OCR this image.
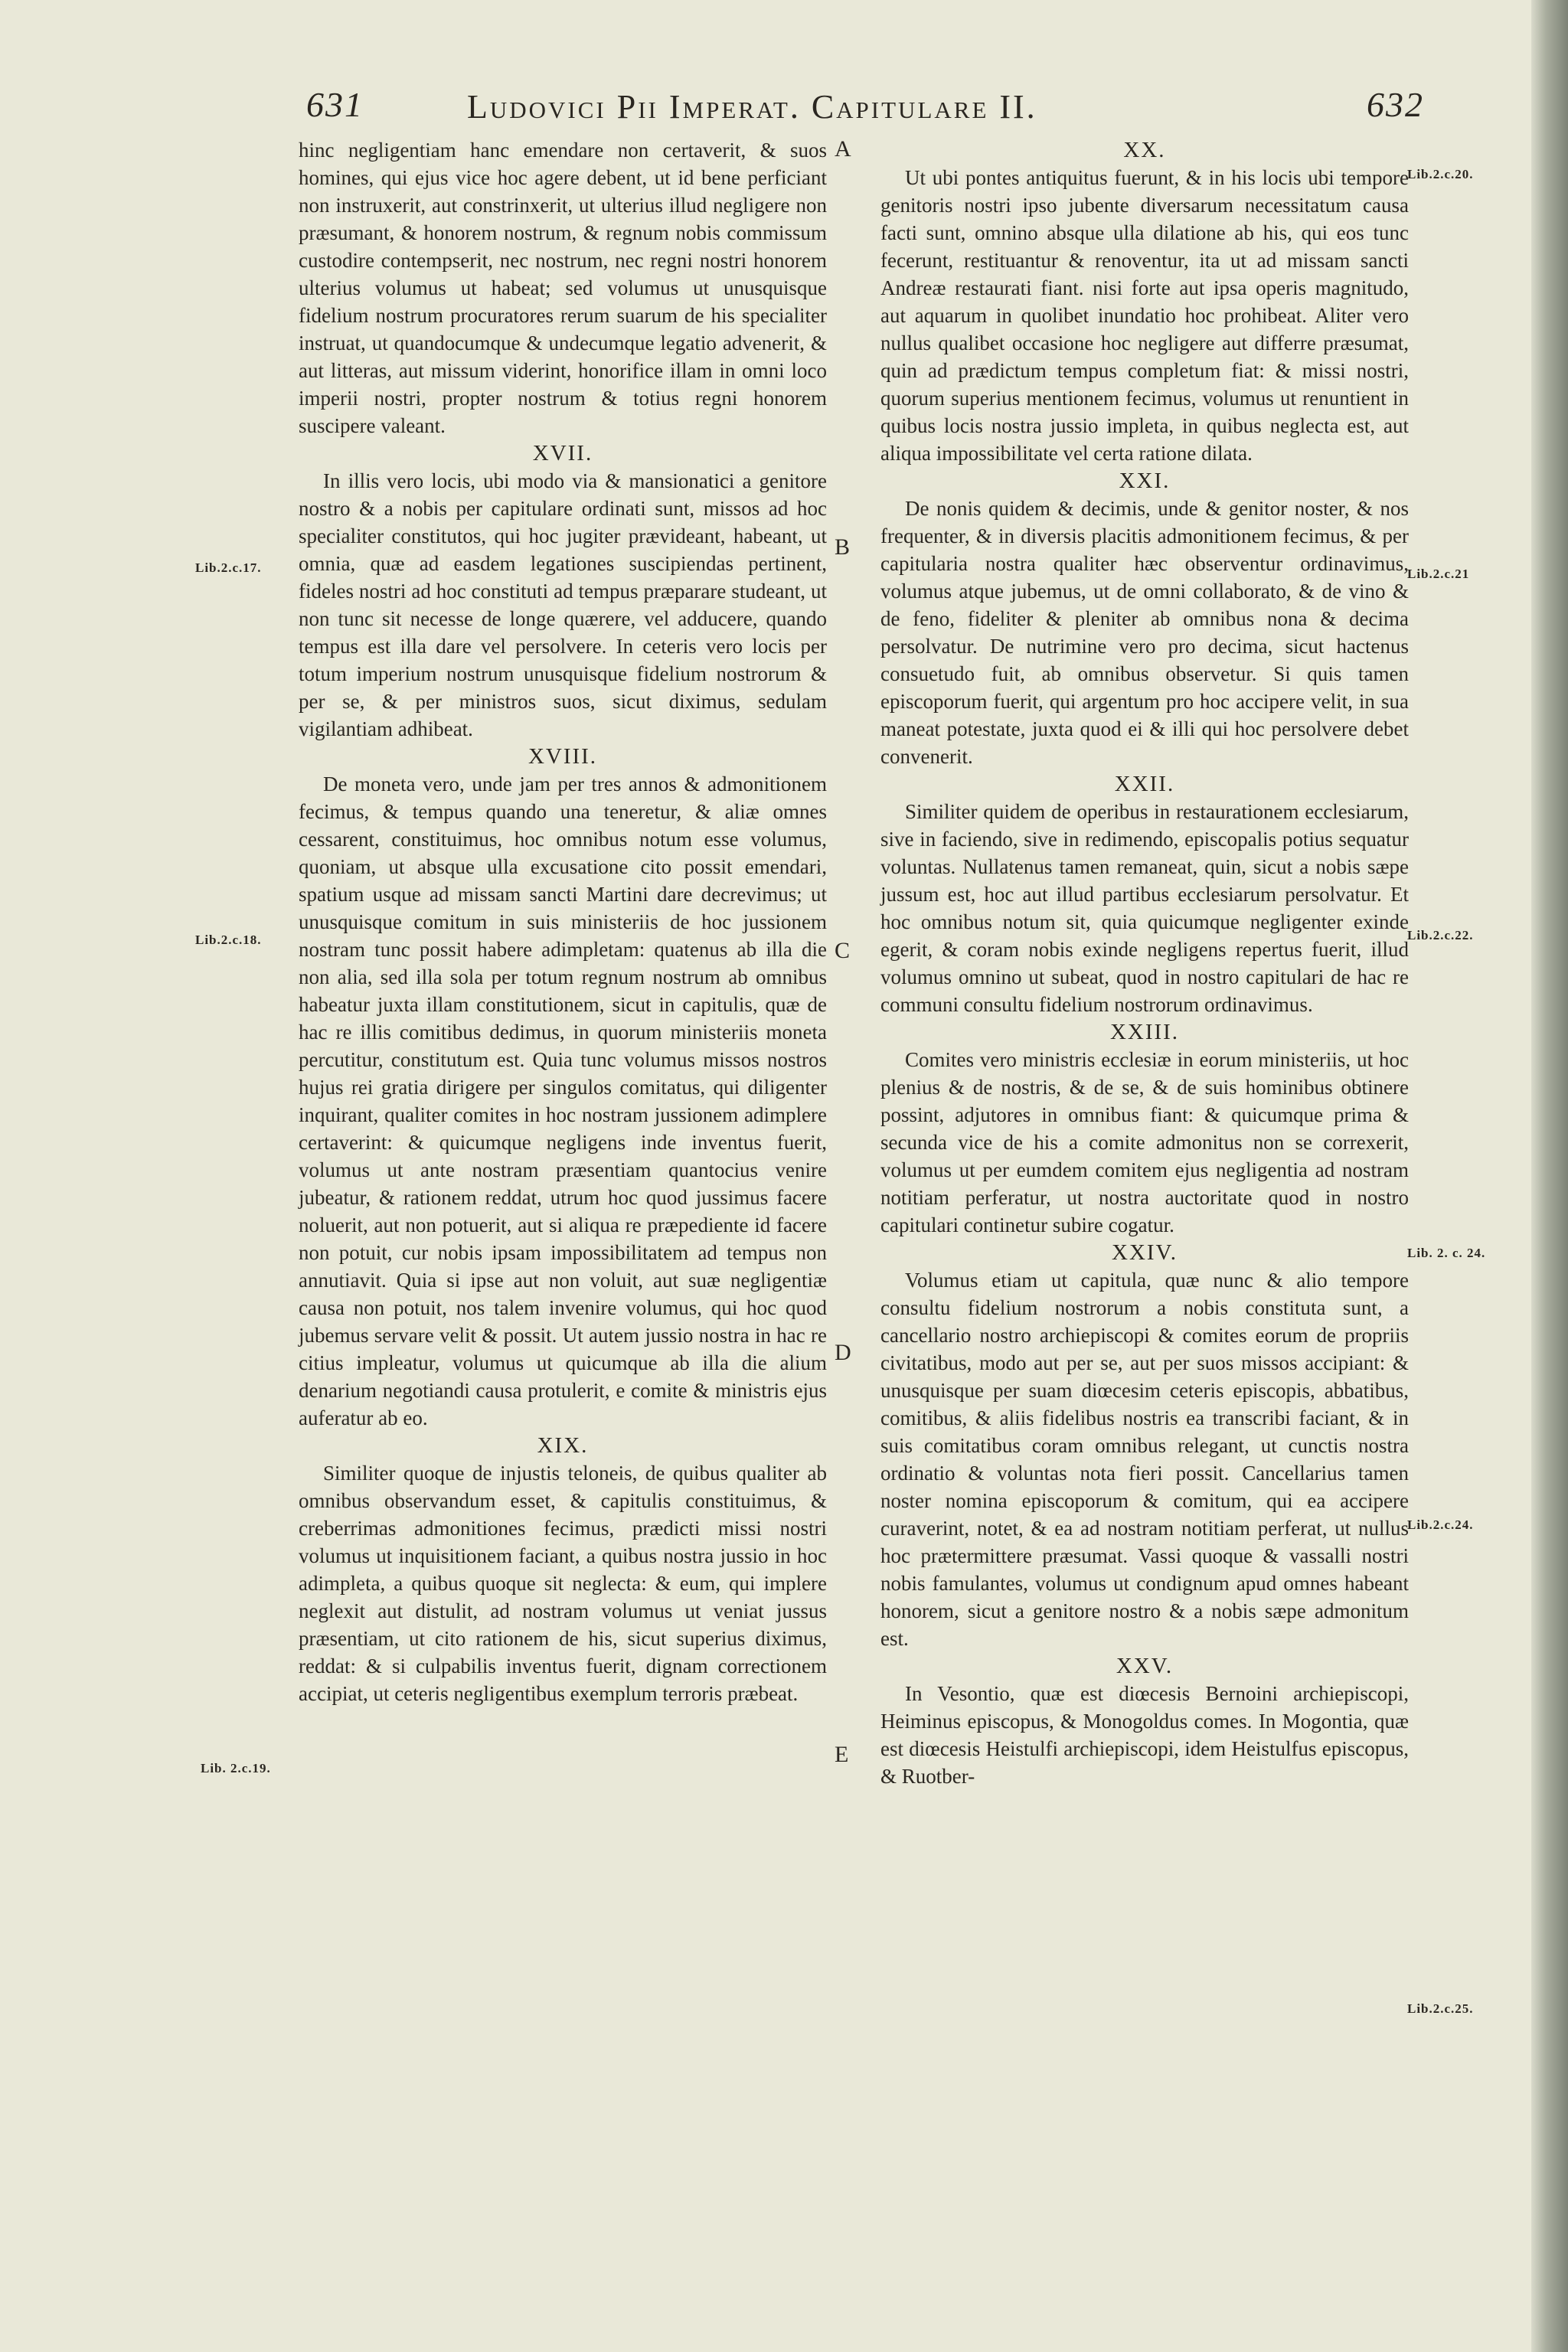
631	Ludovici Pii Imperat. Capitulare II.	632
A
B
C
D
E
Lib.2.c.17.
Lib.2.c.18.
Lib. 2.c.19.
Lib.2.c.20.
Lib.2.c.21
Lib.2.c.22.
Lib. 2. c. 24.
Lib.2.c.24.
Lib.2.c.25.

hinc negligentiam hanc emendare non certaverit, & suos homines, qui ejus vice hoc agere debent, ut id bene perficiant non instruxerit, aut constrinxerit, ut ulterius illud negligere non præsumant, & honorem nostrum, & regnum nobis commissum custodire contempserit, nec nostrum, nec regni nostri honorem ulterius volumus ut habeat; sed volumus ut unusquisque fidelium nostrum procuratores rerum suarum de his specialiter instruat, ut quandocumque & undecumque legatio advenerit, & aut litteras, aut missum viderint, honorifice illam in omni loco imperii nostri, propter nostrum & totius regni honorem suscipere valeant.

XVII.

In illis vero locis, ubi modo via & mansionatici a genitore nostro & a nobis per capitulare ordinati sunt, missos ad hoc specialiter constitutos, qui hoc jugiter prævideant, habeant, ut omnia, quæ ad easdem legationes suscipiendas pertinent, fideles nostri ad hoc constituti ad tempus præparare studeant, ut non tunc sit necesse de longe quærere, vel adducere, quando tempus est illa dare vel persolvere. In ceteris vero locis per totum imperium nostrum unusquisque fidelium nostrorum & per se, & per ministros suos, sicut diximus, sedulam vigilantiam adhibeat.

XVIII.

De moneta vero, unde jam per tres annos & admonitionem fecimus, & tempus quando una teneretur, & aliæ omnes cessarent, constituimus, hoc omnibus notum esse volumus, quoniam, ut absque ulla excusatione cito possit emendari, spatium usque ad missam sancti Martini dare decrevimus; ut unusquisque comitum in suis ministeriis de hoc jussionem nostram tunc possit habere adimpletam: quatenus ab illa die non alia, sed illa sola per totum regnum nostrum ab omnibus habeatur juxta illam constitutionem, sicut in capitulis, quæ de hac re illis comitibus dedimus, in quorum ministeriis moneta percutitur, constitutum est. Quia tunc volumus missos nostros hujus rei gratia dirigere per singulos comitatus, qui diligenter inquirant, qualiter comites in hoc nostram jussionem adimplere certaverint: & quicumque negligens inde inventus fuerit, volumus ut ante nostram præsentiam quantocius venire jubeatur, & rationem reddat, utrum hoc quod jussimus facere noluerit, aut non potuerit, aut si aliqua re præpediente id facere non potuit, cur nobis ipsam impossibilitatem ad tempus non annutiavit. Quia si ipse aut non voluit, aut suæ negligentiæ causa non potuit, nos talem invenire volumus, qui hoc quod jubemus servare velit & possit. Ut autem jussio nostra in hac re citius impleatur, volumus ut quicumque ab illa die alium denarium negotiandi causa protulerit, e comite & ministris ejus auferatur ab eo.

XIX.

Similiter quoque de injustis teloneis, de quibus qualiter ab omnibus observandum esset, & capitulis constituimus, & creberrimas admonitiones fecimus, prædicti missi nostri volumus ut inquisitionem faciant, a quibus nostra jussio in hoc adimpleta, a quibus quoque sit neglecta: & eum, qui implere neglexit aut distulit, ad nostram volumus ut veniat jussus præsentiam, ut cito rationem de his, sicut superius diximus, reddat: & si culpabilis inventus fuerit, dignam correctionem accipiat, ut ceteris negligentibus exemplum terroris præbeat.

XX.

Ut ubi pontes antiquitus fuerunt, & in his locis ubi tempore genitoris nostri ipso jubente diversarum necessitatum causa facti sunt, omnino absque ulla dilatione ab his, qui eos tunc fecerunt, restituantur & renoventur, ita ut ad missam sancti Andreæ restaurati fiant. nisi forte aut ipsa operis magnitudo, aut aquarum in quolibet inundatio hoc prohibeat. Aliter vero nullus qualibet occasione hoc negligere aut differre præsumat, quin ad prædictum tempus completum fiat: & missi nostri, quorum superius mentionem fecimus, volumus ut renuntient in quibus locis nostra jussio impleta, in quibus neglecta est, aut aliqua impossibilitate vel certa ratione dilata.

XXI.

De nonis quidem & decimis, unde & genitor noster, & nos frequenter, & in diversis placitis admonitionem fecimus, & per capitularia nostra qualiter hæc observentur ordinavimus, volumus atque jubemus, ut de omni collaborato, & de vino & de feno, fideliter & pleniter ab omnibus nona & decima persolvatur. De nutrimine vero pro decima, sicut hactenus consuetudo fuit, ab omnibus observetur. Si quis tamen episcoporum fuerit, qui argentum pro hoc accipere velit, in sua maneat potestate, juxta quod ei & illi qui hoc persolvere debet convenerit.

XXII.

Similiter quidem de operibus in restaurationem ecclesiarum, sive in faciendo, sive in redimendo, episcopalis potius sequatur voluntas. Nullatenus tamen remaneat, quin, sicut a nobis sæpe jussum est, hoc aut illud partibus ecclesiarum persolvatur. Et hoc omnibus notum sit, quia quicumque negligenter exinde egerit, & coram nobis exinde negligens repertus fuerit, illud volumus omnino ut subeat, quod in nostro capitulari de hac re communi consultu fidelium nostrorum ordinavimus.

XXIII.

Comites vero ministris ecclesiæ in eorum ministeriis, ut hoc plenius & de nostris, & de se, & de suis hominibus obtinere possint, adjutores in omnibus fiant: & quicumque prima & secunda vice de his a comite admonitus non se correxerit, volumus ut per eumdem comitem ejus negligentia ad nostram notitiam perferatur, ut nostra auctoritate quod in nostro capitulari continetur subire cogatur.

XXIV.

Volumus etiam ut capitula, quæ nunc & alio tempore consultu fidelium nostrorum a nobis constituta sunt, a cancellario nostro archiepiscopi & comites eorum de propriis civitatibus, modo aut per se, aut per suos missos accipiant: & unusquisque per suam diœcesim ceteris episcopis, abbatibus, comitibus, & aliis fidelibus nostris ea transcribi faciant, & in suis comitatibus coram omnibus relegant, ut cunctis nostra ordinatio & voluntas nota fieri possit. Cancellarius tamen noster nomina episcoporum & comitum, qui ea accipere curaverint, notet, & ea ad nostram notitiam perferat, ut nullus hoc prætermittere præsumat. Vassi quoque & vassalli nostri nobis famulantes, volumus ut condignum apud omnes habeant honorem, sicut a genitore nostro & a nobis sæpe admonitum est.

XXV.

In Vesontio, quæ est diœcesis Bernoini archiepiscopi, Heiminus episcopus, & Monogoldus comes. In Mogontia, quæ est diœcesis Heistulfi archiepiscopi, idem Heistulfus episcopus, & Ruotber-
